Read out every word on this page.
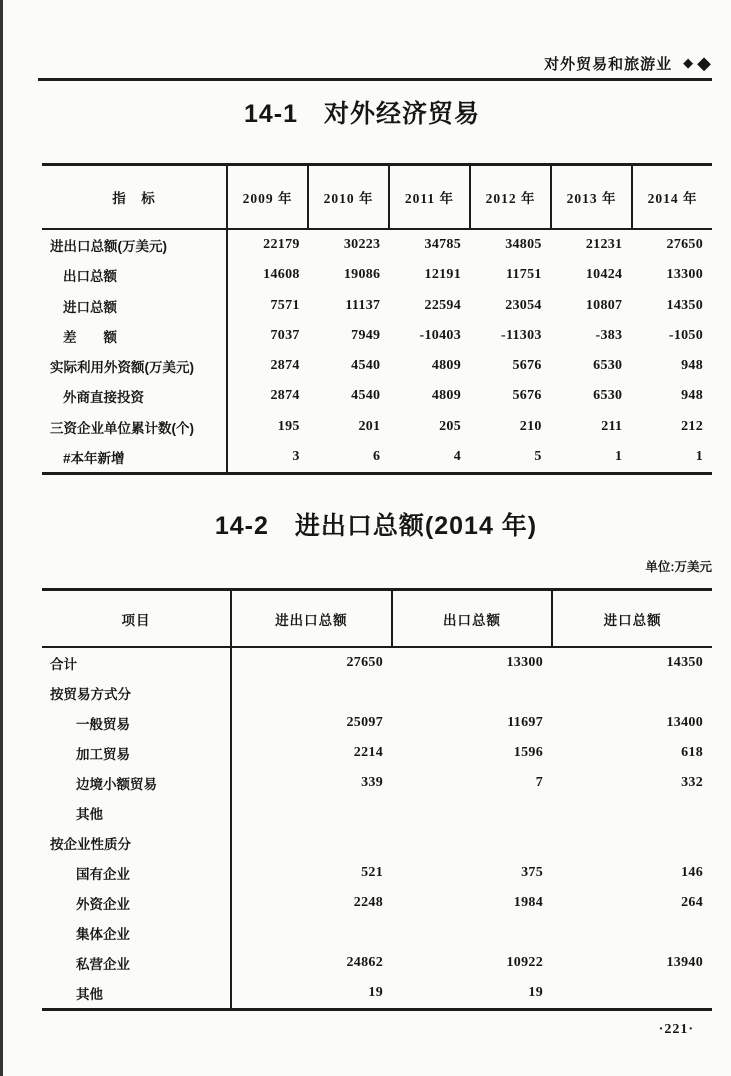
对外贸易和旅游业 ◆ ◆
14-1　对外经济贸易
指　标	2009 年 2010 年 2011 年 2012 年 2013 年 2014 年
进出口总额(万美元)	22179	30223	34785	34805	21231	27650
出口总额	14608	19086	12191	11751	10424	13300
进口总额	7571	11137	22594	23054	10807	14350
差　　额	7037	7949	-10403	-11303	-383	-1050
实际利用外资额(万美元)	2874	4540	4809	5676	6530	948
外商直接投资	2874	4540	4809	5676	6530	948
三资企业单位累计数(个)	195	201	205	210	211	212
#本年新增	3	6	4	5	1	1
14-2　进出口总额(2014 年)
单位:万美元
项目	进出口总额	出口总额	进口总额
合计	27650	13300	14350
按贸易方式分
一般贸易	25097	11697	13400
加工贸易	2214	1596	618
边境小额贸易	339	7	332
其他
按企业性质分
国有企业	521	375	146
外资企业	2248	1984	264
集体企业
私营企业	24862	10922	13940
其他	19	19
·221·
